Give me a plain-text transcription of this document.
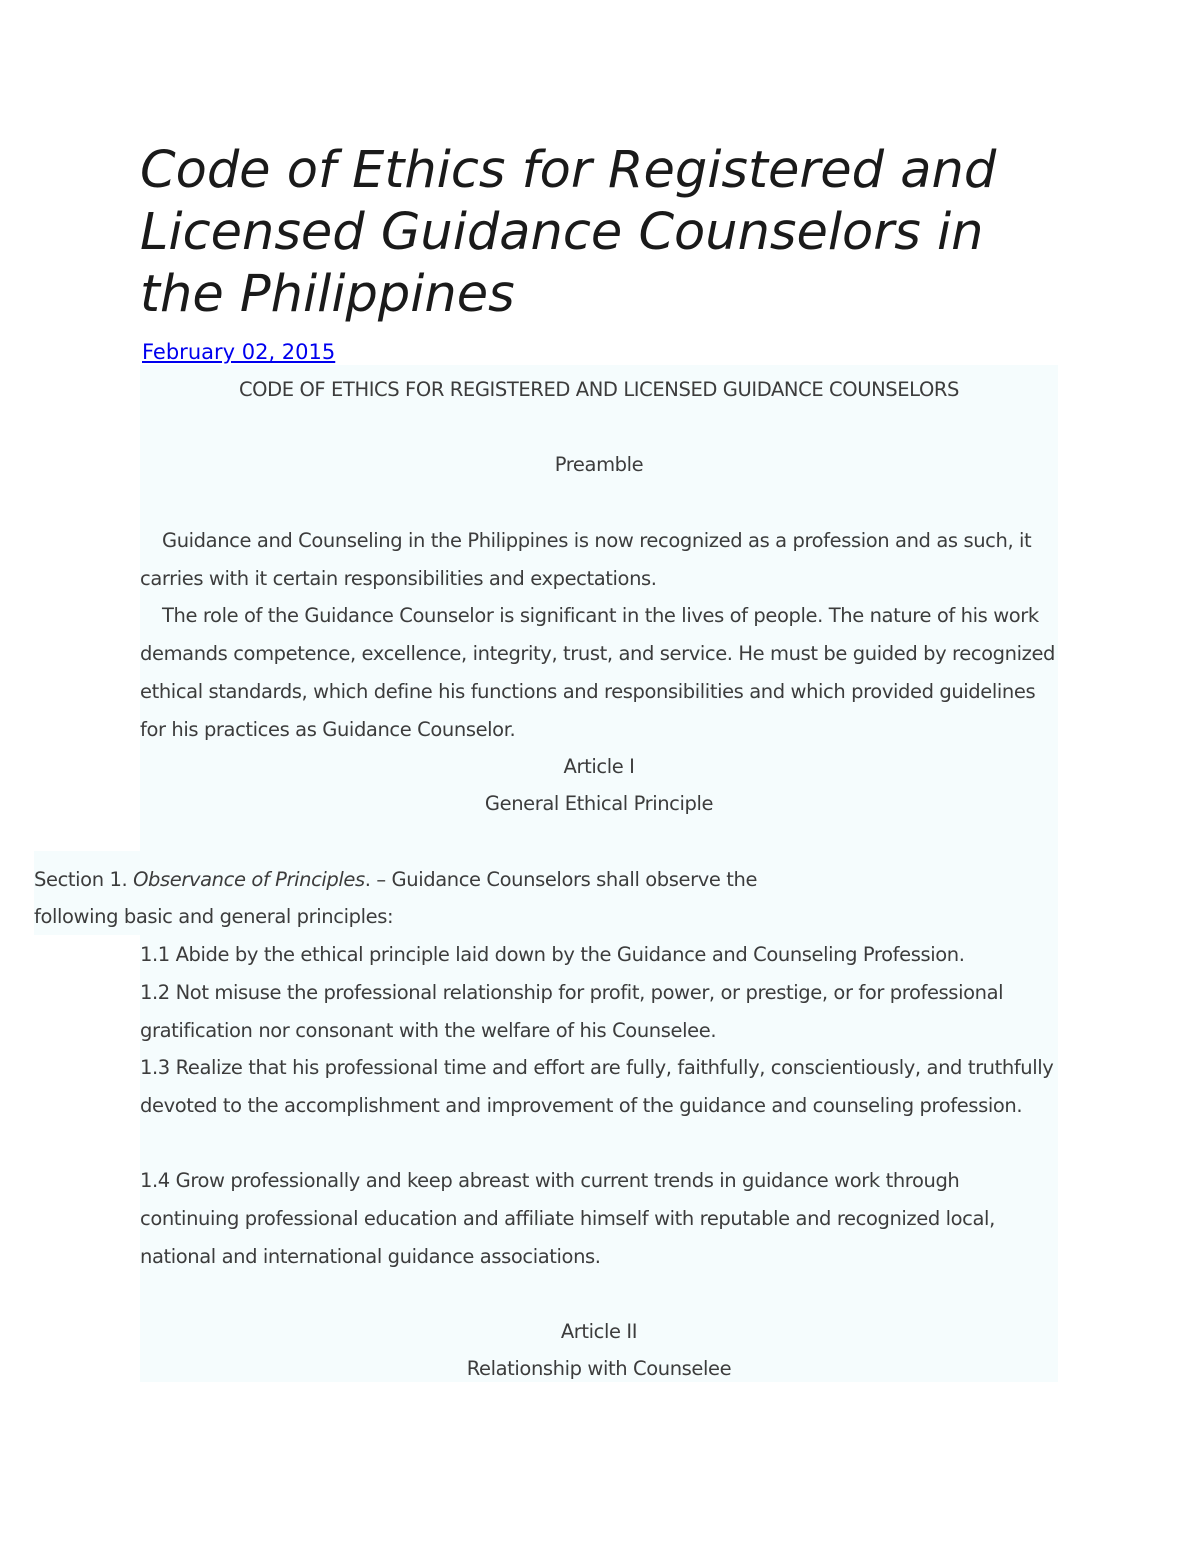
Code of Ethics for Registered and Licensed Guidance Counselors in the Philippines
February 02, 2015

CODE OF ETHICS FOR REGISTERED AND LICENSED GUIDANCE COUNSELORS

Preamble

Guidance and Counseling in the Philippines is now recognized as a profession and as such, it carries with it certain responsibilities and expectations.

The role of the Guidance Counselor is significant in the lives of people. The nature of his work demands competence, excellence, integrity, trust, and service. He must be guided by recognized ethical standards, which define his functions and responsibilities and which provided guidelines for his practices as Guidance Counselor.

Article I

General Ethical Principle

Section 1. Observance of Principles. – Guidance Counselors shall observe the

following basic and general principles:

1.1 Abide by the ethical principle laid down by the Guidance and Counseling Profession.

1.2 Not misuse the professional relationship for profit, power, or prestige, or for professional gratification nor consonant with the welfare of his Counselee.

1.3 Realize that his professional time and effort are fully, faithfully, conscientiously, and truthfully devoted to the accomplishment and improvement of the guidance and counseling profession.

1.4 Grow professionally and keep abreast with current trends in guidance work through continuing professional education and affiliate himself with reputable and recognized local, national and international guidance associations.

Article II

Relationship with Counselee
